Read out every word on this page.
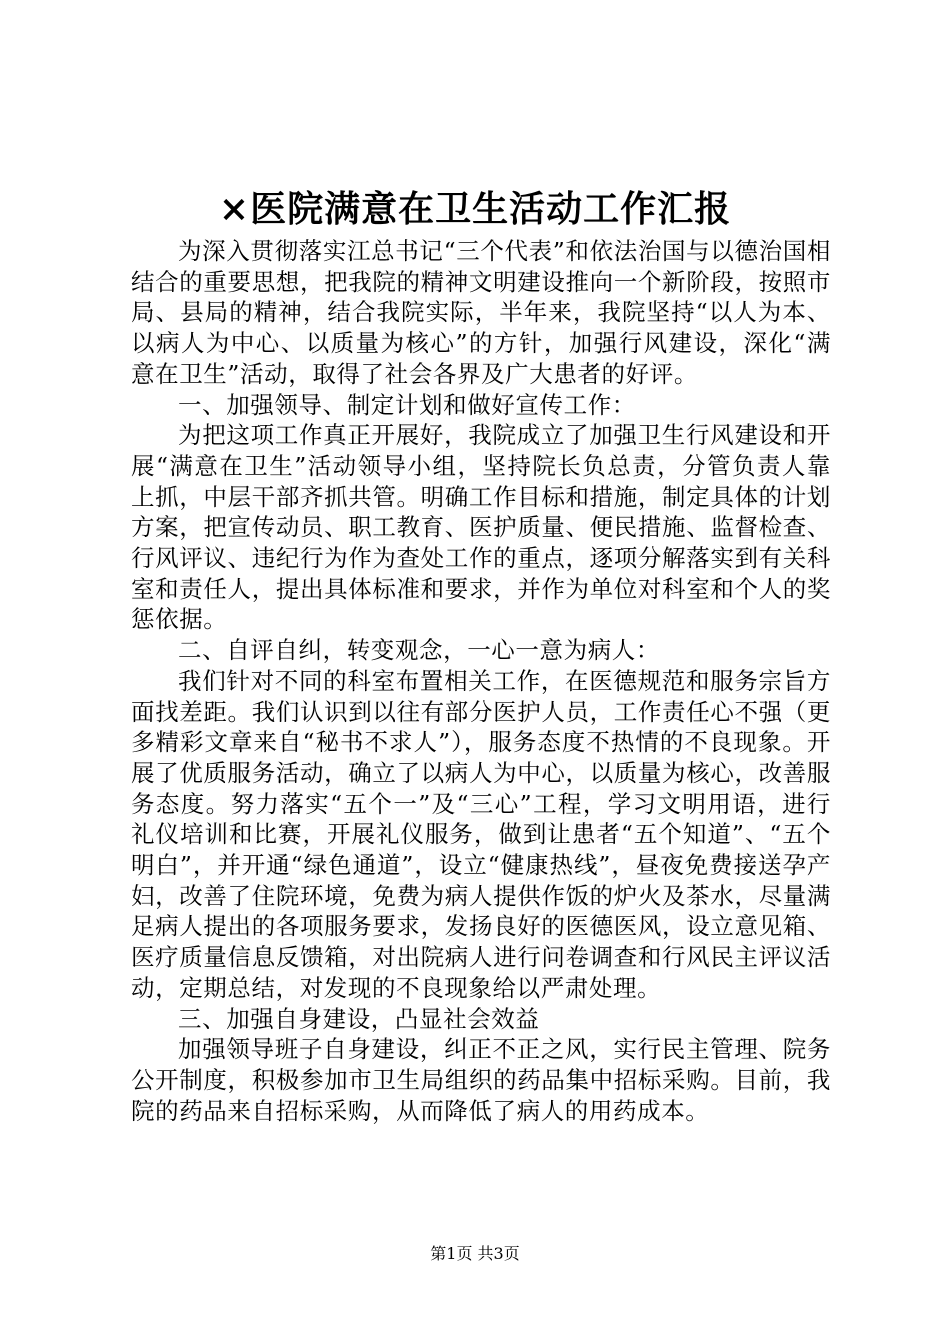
×医院满意在卫生活动工作汇报

为深入贯彻落实江总书记“三个代表”和依法治国与以德治国相结合的重要思想，把我院的精神文明建设推向一个新阶段，按照市局、县局的精神，结合我院实际，半年来，我院坚持“以人为本、以病人为中心、以质量为核心”的方针，加强行风建设，深化“满意在卫生”活动，取得了社会各界及广大患者的好评。

一、加强领导、制定计划和做好宣传工作：

为把这项工作真正开展好，我院成立了加强卫生行风建设和开展“满意在卫生”活动领导小组，坚持院长负总责，分管负责人靠上抓，中层干部齐抓共管。明确工作目标和措施，制定具体的计划方案，把宣传动员、职工教育、医护质量、便民措施、监督检查、行风评议、违纪行为作为查处工作的重点，逐项分解落实到有关科室和责任人，提出具体标准和要求，并作为单位对科室和个人的奖惩依据。

二、自评自纠，转变观念，一心一意为病人：

我们针对不同的科室布置相关工作，在医德规范和服务宗旨方面找差距。我们认识到以往有部分医护人员，工作责任心不强（更多精彩文章来自“秘书不求人”），服务态度不热情的不良现象。开展了优质服务活动，确立了以病人为中心，以质量为核心，改善服务态度。努力落实“五个一”及“三心”工程，学习文明用语，进行礼仪培训和比赛，开展礼仪服务，做到让患者“五个知道”、“五个明白”，并开通“绿色通道”，设立“健康热线”，昼夜免费接送孕产妇，改善了住院环境，免费为病人提供作饭的炉火及茶水，尽量满足病人提出的各项服务要求，发扬良好的医德医风，设立意见箱、医疗质量信息反馈箱，对出院病人进行问卷调查和行风民主评议活动，定期总结，对发现的不良现象给以严肃处理。

三、加强自身建设，凸显社会效益

加强领导班子自身建设，纠正不正之风，实行民主管理、院务公开制度，积极参加市卫生局组织的药品集中招标采购。目前，我院的药品来自招标采购，从而降低了病人的用药成本。

第1页 共3页
